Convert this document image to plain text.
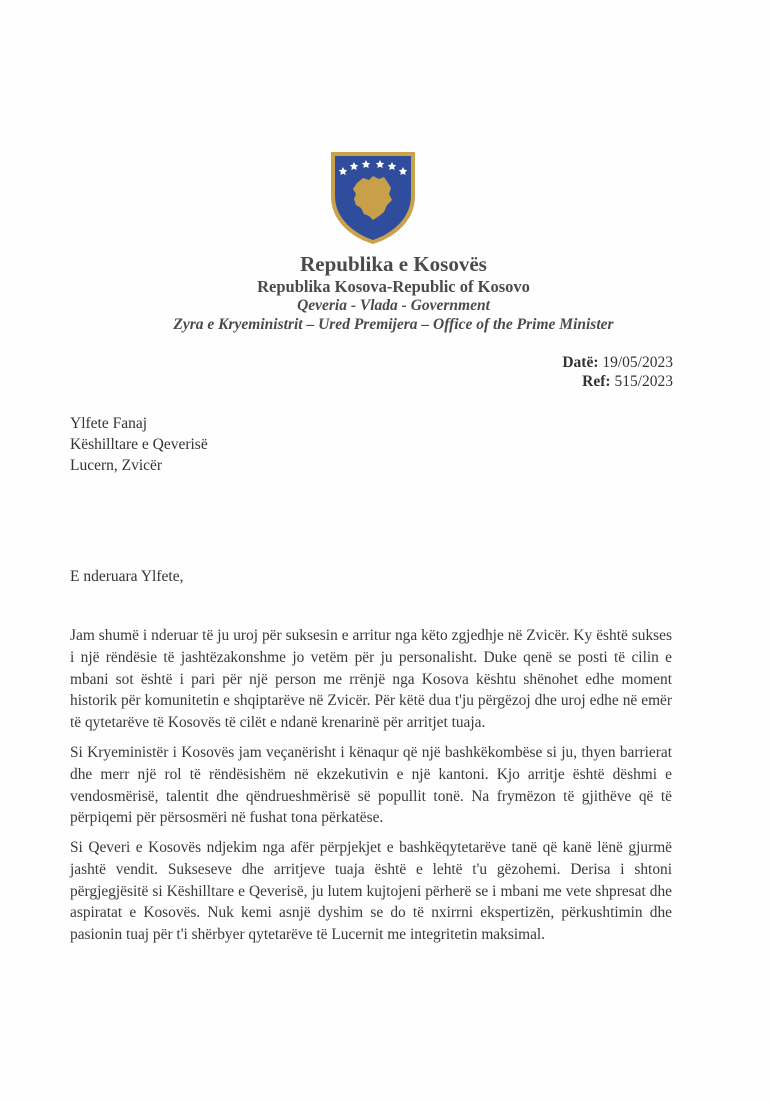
Republika e Kosovës
Republika Kosova-Republic of Kosovo
Qeveria - Vlada - Government
Zyra e Kryeministrit – Ured Premijera – Office of the Prime Minister
Datë: 19/05/2023
Ref: 515/2023
Ylfete Fanaj
Këshilltare e Qeverisë
Lucern, Zvicër
E nderuara Ylfete,

Jam shumë i nderuar të ju uroj për suksesin e arritur nga këto zgjedhje në Zvicër. Ky është sukses i një rëndësie të jashtëzakonshme jo vetëm për ju personalisht. Duke qenë se posti të cilin e mbani sot është i pari për një person me rrënjë nga Kosova kështu shënohet edhe moment historik për komunitetin e shqiptarëve në Zvicër. Për këtë dua t'ju përgëzoj dhe uroj edhe në emër të qytetarëve të Kosovës të cilët e ndanë krenarinë për arritjet tuaja.

Si Kryeministër i Kosovës jam veçanërisht i kënaqur që një bashkëkombëse si ju, thyen barrierat dhe merr një rol të rëndësishëm në ekzekutivin e një kantoni. Kjo arritje është dëshmi e vendosmërisë, talentit dhe qëndrueshmërisë së popullit tonë. Na frymëzon të gjithëve që të përpiqemi për përsosmëri në fushat tona përkatëse.

Si Qeveri e Kosovës ndjekim nga afër përpjekjet e bashkëqytetarëve tanë që kanë lënë gjurmë jashtë vendit. Sukseseve dhe arritjeve tuaja është e lehtë t'u gëzohemi. Derisa i shtoni përgjegjësitë si Këshilltare e Qeverisë, ju lutem kujtojeni përherë se i mbani me vete shpresat dhe aspiratat e Kosovës. Nuk kemi asnjë dyshim se do të nxirrni ekspertizën, përkushtimin dhe pasionin tuaj për t'i shërbyer qytetarëve të Lucernit me integritetin maksimal.
